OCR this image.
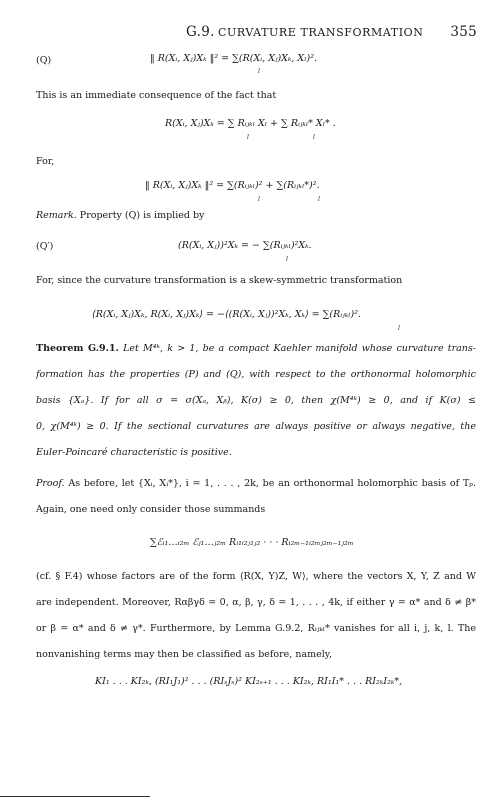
G.9. CURVATURE TRANSFORMATION 355
(Q)	‖ R(Xᵢ, Xⱼ)Xₖ ‖² = ∑(R(Xᵢ, Xⱼ)Xₖ, Xₗ)².
l
This is an immediate consequence of the fact that
R(Xᵢ, Xⱼ)Xₖ = ∑ Rᵢⱼₖₗ Xₗ + ∑ Rᵢⱼₖₗ* Xₗ* .
l	l
For,
‖ R(Xᵢ, Xⱼ)Xₖ ‖² = ∑(Rᵢⱼₖₗ)² + ∑(Rᵢⱼₖₗ*)².
l	l
Remark. Property (Q) is implied by
(Q′)	(R(Xᵢ, Xⱼ))²Xₖ = − ∑(Rᵢⱼₖₗ)²Xₖ.
l
For, since the curvature transformation is a skew-symmetric transformation
⟨R(Xᵢ, Xⱼ)Xₖ, R(Xᵢ, Xⱼ)Xₖ⟩ = −⟨(R(Xᵢ, Xⱼ))²Xₖ, Xₖ⟩ = ∑(Rᵢⱼₖₗ)².
l
Theorem G.9.1. Let M⁴ᵏ, k > 1, be a compact Kaehler manifold whose curvature trans-
formation has the properties (P) and (Q), with respect to the orthonormal holomorphic
basis {Xₐ}. If for all σ = σ(Xₐ, Xᵦ), K(σ) ≥ 0, then χ(M⁴ᵏ) ≥ 0, and if K(σ) ≤
0, χ(M⁴ᵏ) ≥ 0. If the sectional curvatures are always positive or always negative, the
Euler-Poincaré characteristic is positive.
Proof. As before, let {Xᵢ, Xᵢ*}, i = 1, . . . , 2k, be an orthonormal holomorphic basis of Tₚ.
Again, one need only consider those summands
∑ℰᵢ₁…ᵢ₂ₘ ℰⱼ₁…ⱼ₂ₘ Rᵢ₁ᵢ₂ⱼ₁ⱼ₂ · · · Rᵢ₂ₘ₋₁ᵢ₂ₘⱼ₂ₘ₋₁ⱼ₂ₘ
(cf. § F.4) whose factors are of the form ⟨R(X, Y)Z, W⟩, where the vectors X, Y, Z and W
are independent. Moreover, Rαβγδ = 0, α, β, γ, δ = 1, . . . , 4k, if either γ = α* and δ ≠ β*
or β = α* and δ ≠ γ*. Furthermore, by Lemma G.9.2, Rᵢⱼₖₗ* vanishes for all i, j, k, l. The
nonvanishing terms may then be classified as before, namely,
KI₁ . . . KI₂ₖ, (RI₁J₁)² . . . (RIₛJₛ)² KI₂ₛ₊₁ . . . KI₂ₖ, RI₁I₁* . . . RI₂ₖI₂ₖ*,
